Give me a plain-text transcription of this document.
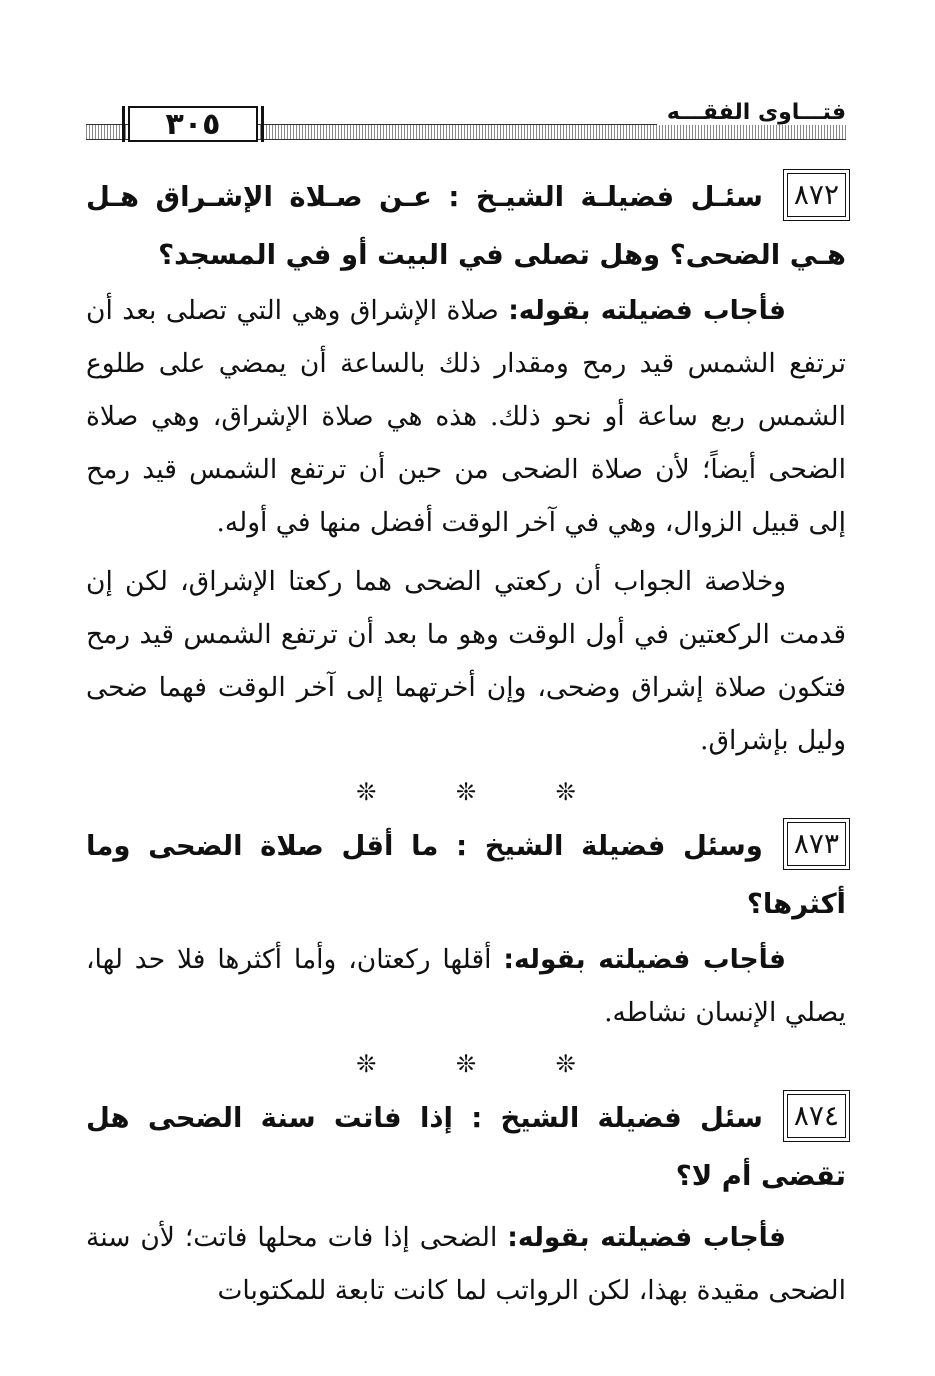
٣٠٥	فتـــاوى الفقـــه

٨٧٢سئـل فضيلـة الشيـخ : عـن صـلاة الإشـراق هـل هـي الضحى؟ وهل تصلى في البيت أو في المسجد؟

فأجاب فضيلته بقوله: صلاة الإشراق وهي التي تصلى بعد أن ترتفع الشمس قيد رمح ومقدار ذلك بالساعة أن يمضي على طلوع الشمس ربع ساعة أو نحو ذلك. هذه هي صلاة الإشراق، وهي صلاة الضحى أيضاً؛ لأن صلاة الضحى من حين أن ترتفع الشمس قيد رمح إلى قبيل الزوال، وهي في آخر الوقت أفضل منها في أوله.

وخلاصة الجواب أن ركعتي الضحى هما ركعتا الإشراق، لكن إن قدمت الركعتين في أول الوقت وهو ما بعد أن ترتفع الشمس قيد رمح فتكون صلاة إشراق وضحى، وإن أخرتهما إلى آخر الوقت فهما ضحى وليل بإشراق.

❊ ❊ ❊

٨٧٣وسئل فضيلة الشيخ : ما أقل صلاة الضحى وما أكثرها؟

فأجاب فضيلته بقوله: أقلها ركعتان، وأما أكثرها فلا حد لها، يصلي الإنسان نشاطه.

❊ ❊ ❊

٨٧٤سئل فضيلة الشيخ : إذا فاتت سنة الضحى هل تقضى أم لا؟

فأجاب فضيلته بقوله: الضحى إذا فات محلها فاتت؛ لأن سنة الضحى مقيدة بهذا، لكن الرواتب لما كانت تابعة للمكتوبات
